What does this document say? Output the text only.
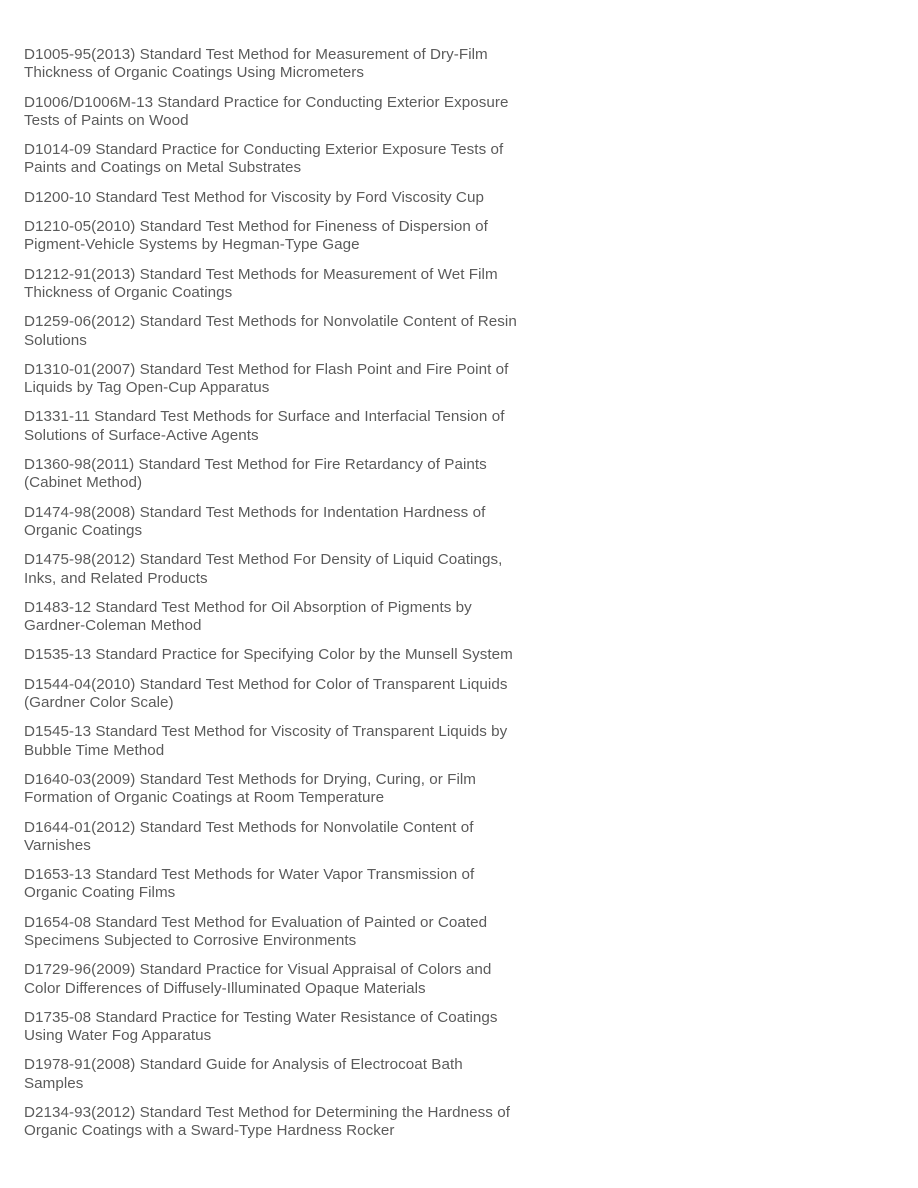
D1005-95(2013) Standard Test Method for Measurement of Dry-Film
Thickness of Organic Coatings Using Micrometers
D1006/D1006M-13 Standard Practice for Conducting Exterior Exposure
Tests of Paints on Wood
D1014-09 Standard Practice for Conducting Exterior Exposure Tests of
Paints and Coatings on Metal Substrates
D1200-10 Standard Test Method for Viscosity by Ford Viscosity Cup
D1210-05(2010) Standard Test Method for Fineness of Dispersion of
Pigment-Vehicle Systems by Hegman-Type Gage
D1212-91(2013) Standard Test Methods for Measurement of Wet Film
Thickness of Organic Coatings
D1259-06(2012) Standard Test Methods for Nonvolatile Content of Resin
Solutions
D1310-01(2007) Standard Test Method for Flash Point and Fire Point of
Liquids by Tag Open-Cup Apparatus
D1331-11 Standard Test Methods for Surface and Interfacial Tension of
Solutions of Surface-Active Agents
D1360-98(2011) Standard Test Method for Fire Retardancy of Paints
(Cabinet Method)
D1474-98(2008) Standard Test Methods for Indentation Hardness of
Organic Coatings
D1475-98(2012) Standard Test Method For Density of Liquid Coatings,
Inks, and Related Products
D1483-12 Standard Test Method for Oil Absorption of Pigments by
Gardner-Coleman Method
D1535-13 Standard Practice for Specifying Color by the Munsell System
D1544-04(2010) Standard Test Method for Color of Transparent Liquids
(Gardner Color Scale)
D1545-13 Standard Test Method for Viscosity of Transparent Liquids by
Bubble Time Method
D1640-03(2009) Standard Test Methods for Drying, Curing, or Film
Formation of Organic Coatings at Room Temperature
D1644-01(2012) Standard Test Methods for Nonvolatile Content of
Varnishes
D1653-13 Standard Test Methods for Water Vapor Transmission of
Organic Coating Films
D1654-08 Standard Test Method for Evaluation of Painted or Coated
Specimens Subjected to Corrosive Environments
D1729-96(2009) Standard Practice for Visual Appraisal of Colors and
Color Differences of Diffusely-Illuminated Opaque Materials
D1735-08 Standard Practice for Testing Water Resistance of Coatings
Using Water Fog Apparatus
D1978-91(2008) Standard Guide for Analysis of Electrocoat Bath
Samples
D2134-93(2012) Standard Test Method for Determining the Hardness of
Organic Coatings with a Sward-Type Hardness Rocker
